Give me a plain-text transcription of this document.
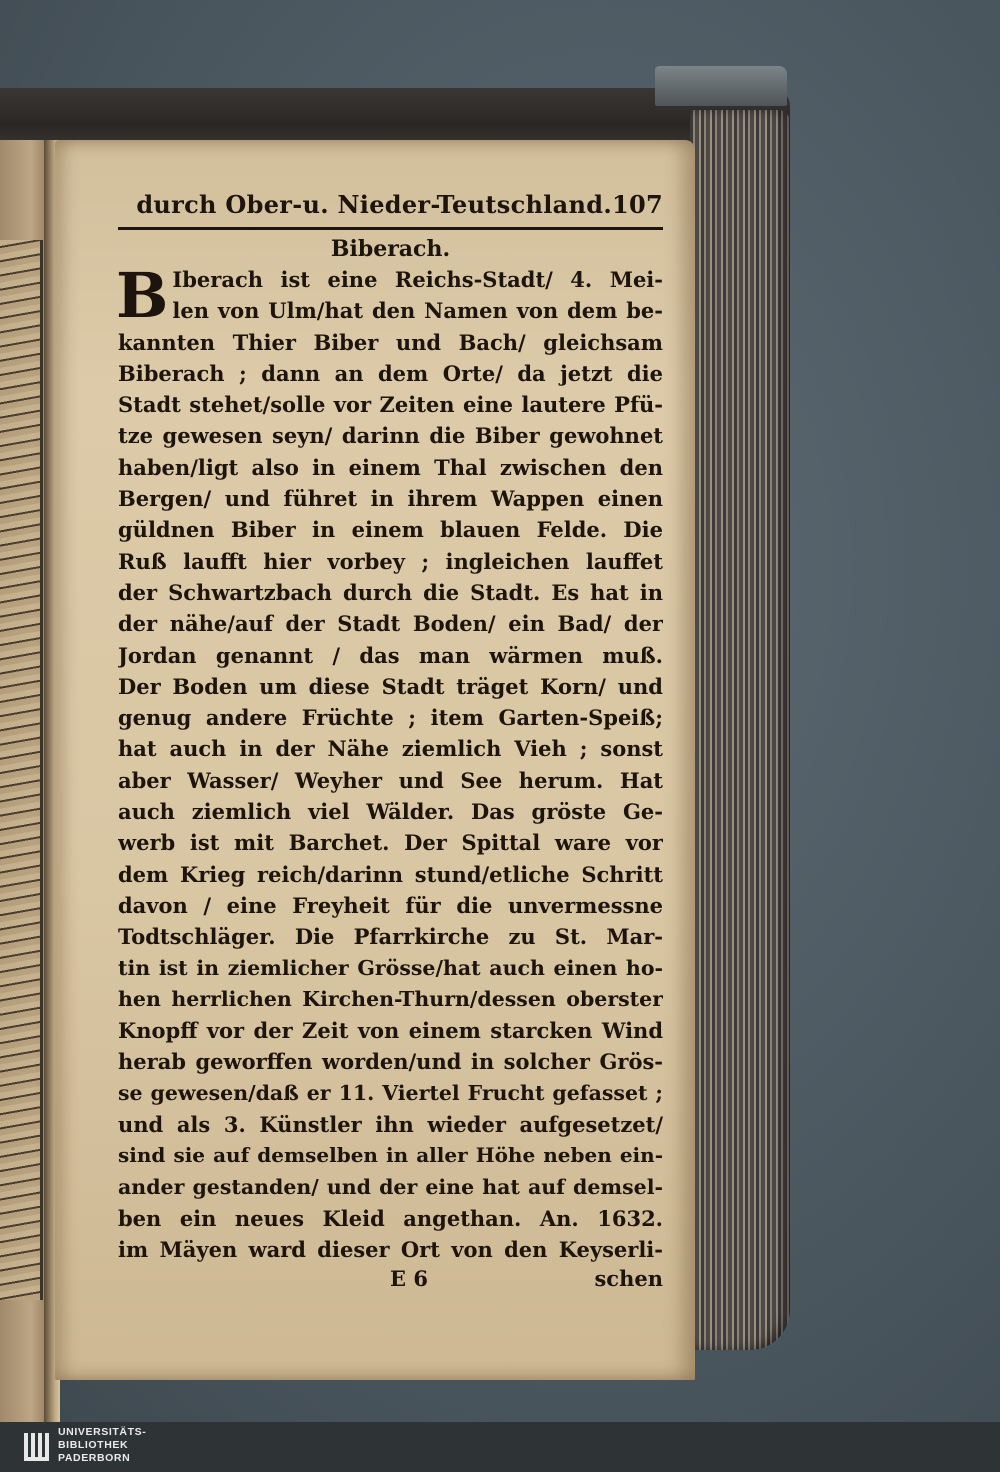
durch Ober-u. Nieder-Teutschland.107
Biberach.
B Iberach ist eine Reichs-Stadt/ 4. Mei-
len von Ulm/hat den Namen von dem be-
kannten Thier Biber und Bach/ gleichsam
Biberach ; dann an dem Orte/ da jetzt die
Stadt stehet/solle vor Zeiten eine lautere Pfü-
tze gewesen seyn/ darinn die Biber gewohnet
haben/ligt also in einem Thal zwischen den
Bergen/ und führet in ihrem Wappen einen
güldnen Biber in einem blauen Felde. Die
Ruß laufft hier vorbey ; ingleichen lauffet
der Schwartzbach durch die Stadt. Es hat in
der nähe/auf der Stadt Boden/ ein Bad/ der
Jordan genannt / das man wärmen muß.
Der Boden um diese Stadt träget Korn/ und
genug andere Früchte ; item Garten-Speiß;
hat auch in der Nähe ziemlich Vieh ; sonst
aber Wasser/ Weyher und See herum. Hat
auch ziemlich viel Wälder. Das gröste Ge-
werb ist mit Barchet. Der Spittal ware vor
dem Krieg reich/darinn stund/etliche Schritt
davon / eine Freyheit für die unvermessne
Todtschläger. Die Pfarrkirche zu St. Mar-
tin ist in ziemlicher Grösse/hat auch einen ho-
hen herrlichen Kirchen-Thurn/dessen oberster
Knopff vor der Zeit von einem starcken Wind
herab geworffen worden/und in solcher Grös-
se gewesen/daß er 11. Viertel Frucht gefasset ;
und als 3. Künstler ihn wieder aufgesetzet/
sind sie auf demselben in aller Höhe neben ein-
ander gestanden/ und der eine hat auf demsel-
ben ein neues Kleid angethan. An. 1632.
im Mäyen ward dieser Ort von den Keyserli-
E 6	schen
UNIVERSITÄTS-
BIBLIOTHEK
PADERBORN
